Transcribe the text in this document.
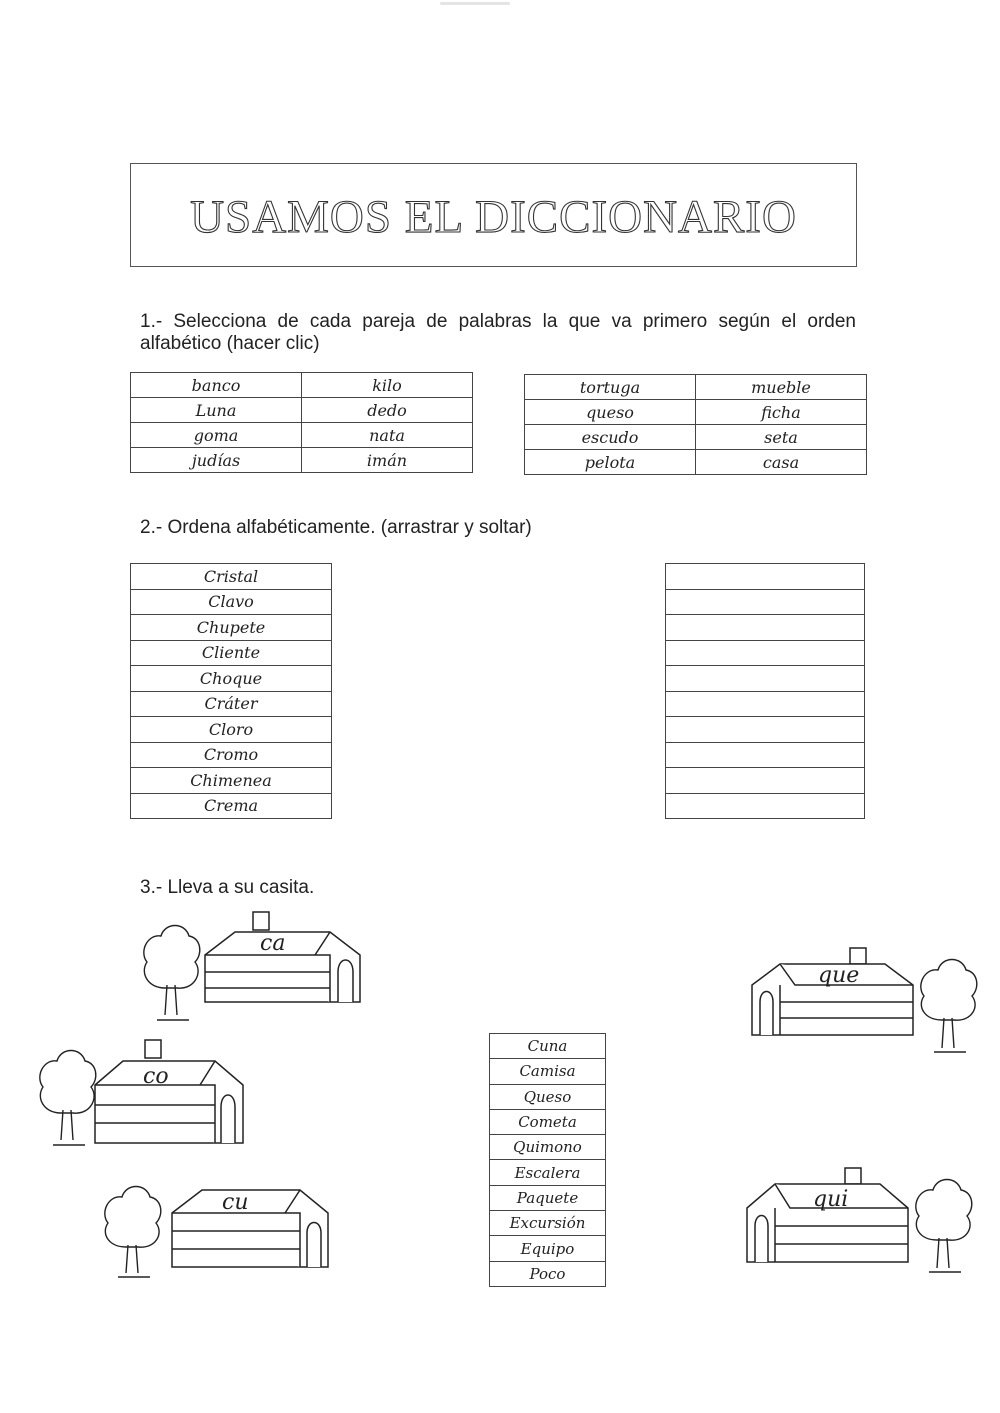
USAMOS EL DICCIONARIO
1.- Selecciona de cada pareja de palabras la que va primero según el orden alfabético (hacer clic)
banco	kilo
Luna	dedo
goma	nata
judías	imán
tortuga	mueble
queso	ficha
escudo	seta
pelota	casa
2.- Ordena alfabéticamente. (arrastrar y soltar)
Cristal
Clavo
Chupete
Cliente
Choque
Cráter
Cloro
Cromo
Chimenea
Crema

3.- Lleva a su casita.
Cuna
Camisa
Queso
Cometa
Quimono
Escalera
Paquete
Excursión
Equipo
Poco
ca
co
cu
que
qui
